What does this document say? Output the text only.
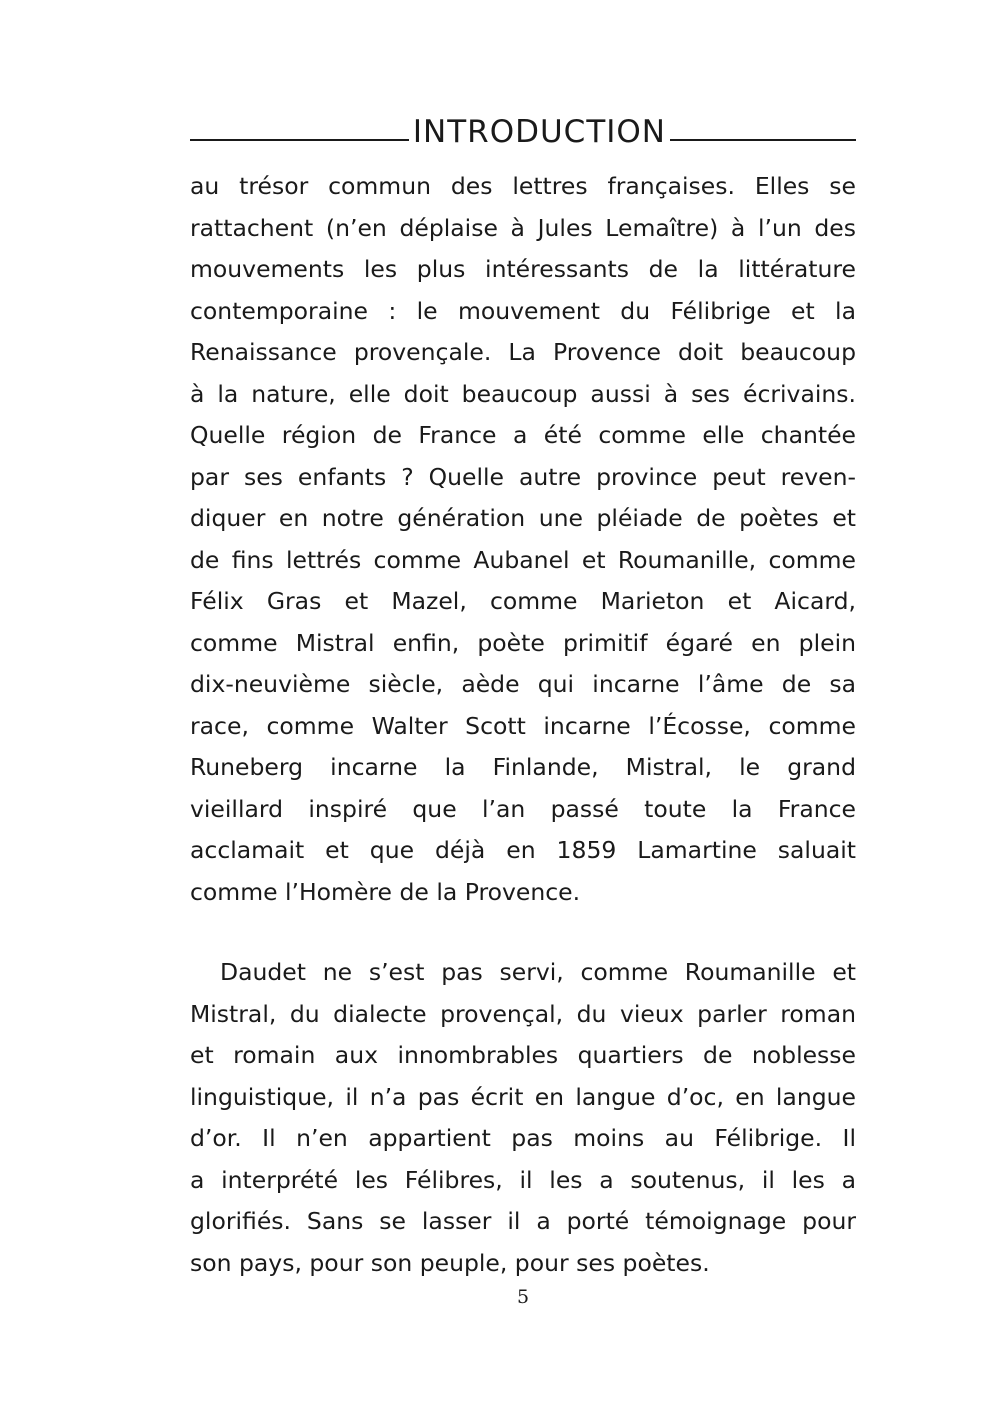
INTRODUCTION
au trésor commun des lettres françaises. Elles se
rattachent (n’en déplaise à Jules Lemaître) à l’un des
mouvements les plus intéressants de la littérature
contemporaine : le mouvement du Félibrige et la
Renaissance provençale. La Provence doit beaucoup
à la nature, elle doit beaucoup aussi à ses écrivains.
Quelle région de France a été comme elle chantée
par ses enfants ? Quelle autre province peut reven-
diquer en notre génération une pléiade de poètes et
de fins lettrés comme Aubanel et Roumanille, comme
Félix Gras et Mazel, comme Marieton et Aicard,
comme Mistral enfin, poète primitif égaré en plein
dix-neuvième siècle, aède qui incarne l’âme de sa
race, comme Walter Scott incarne l’Écosse, comme
Runeberg incarne la Finlande, Mistral, le grand
vieillard inspiré que l’an passé toute la France
acclamait et que déjà en 1859 Lamartine saluait
comme l’Homère de la Provence.
Daudet ne s’est pas servi, comme Roumanille et
Mistral, du dialecte provençal, du vieux parler roman
et romain aux innombrables quartiers de noblesse
linguistique, il n’a pas écrit en langue d’oc, en langue
d’or. Il n’en appartient pas moins au Félibrige. Il
a interprété les Félibres, il les a soutenus, il les a
glorifiés. Sans se lasser il a porté témoignage pour
son pays, pour son peuple, pour ses poètes.
5
